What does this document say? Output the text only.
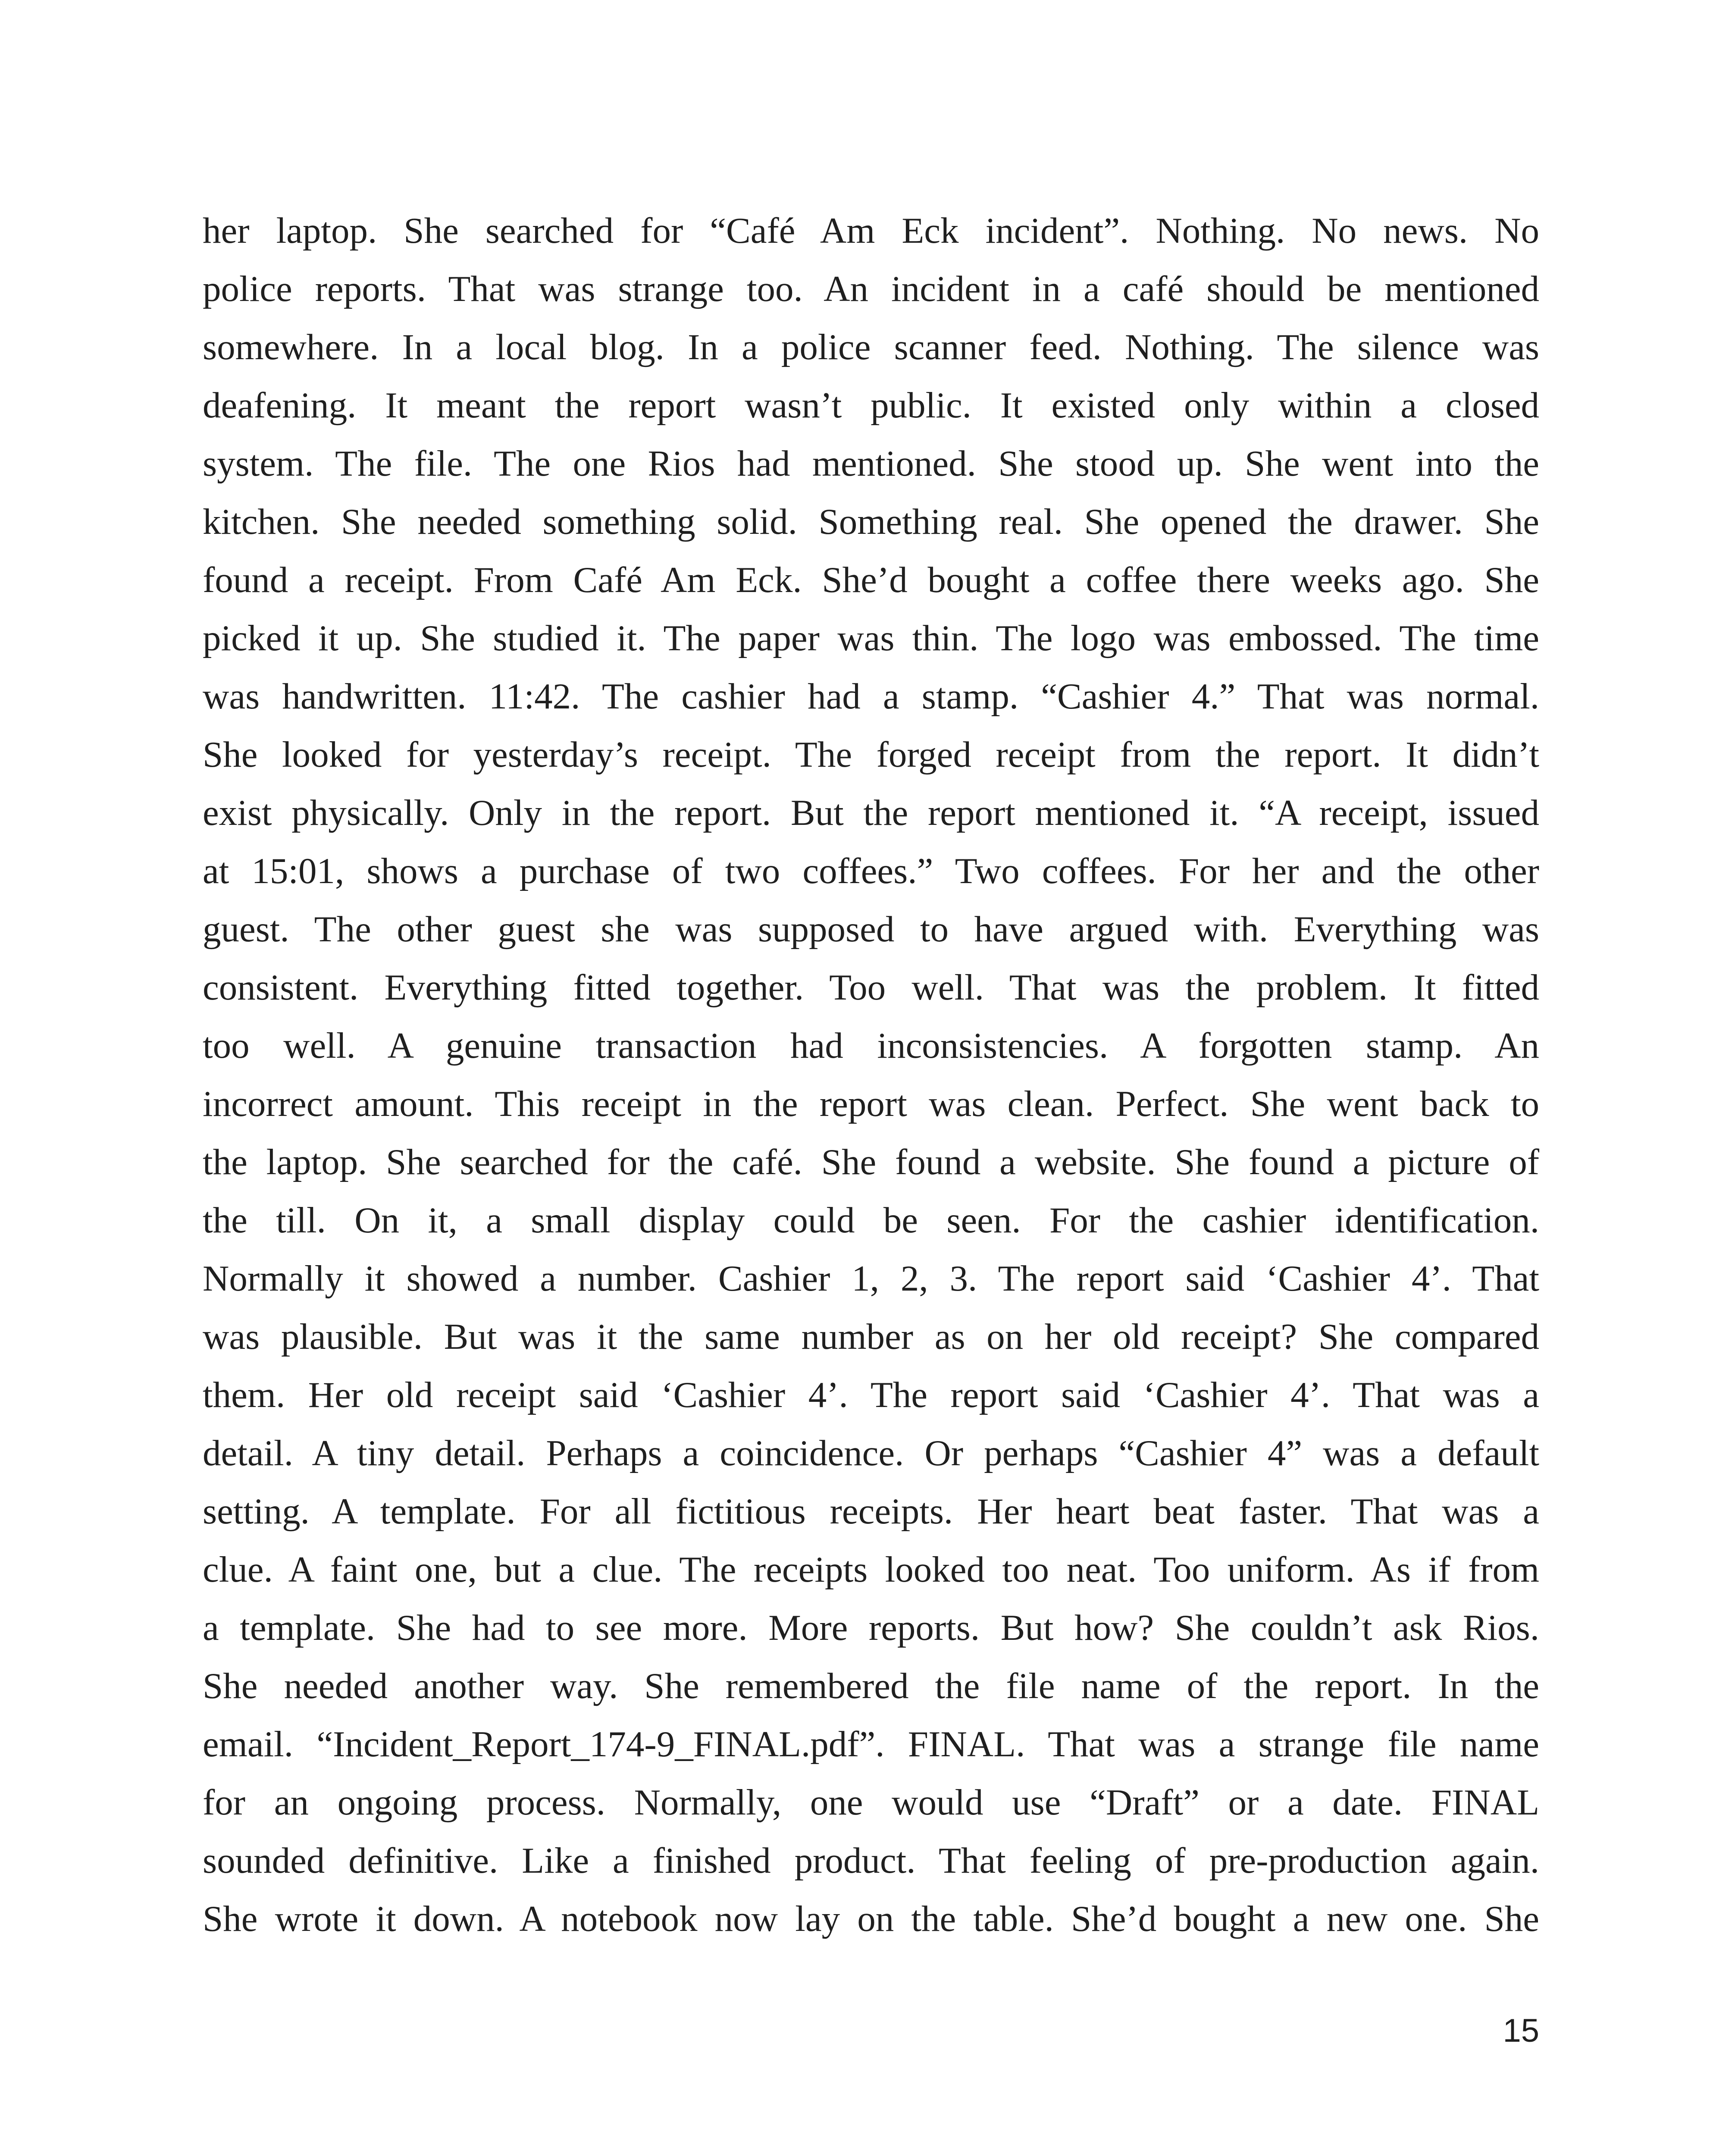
her laptop. She searched for “Café Am Eck incident”. Nothing. No news. No
police reports. That was strange too. An incident in a café should be mentioned
somewhere. In a local blog. In a police scanner feed. Nothing. The silence was
deafening. It meant the report wasn’t public. It existed only within a closed
system. The file. The one Rios had mentioned. She stood up. She went into the
kitchen. She needed something solid. Something real. She opened the drawer. She
found a receipt. From Café Am Eck. She’d bought a coffee there weeks ago. She
picked it up. She studied it. The paper was thin. The logo was embossed. The time
was handwritten. 11:42. The cashier had a stamp. “Cashier 4.” That was normal.
She looked for yesterday’s receipt. The forged receipt from the report. It didn’t
exist physically. Only in the report. But the report mentioned it. “A receipt, issued
at 15:01, shows a purchase of two coffees.” Two coffees. For her and the other
guest. The other guest she was supposed to have argued with. Everything was
consistent. Everything fitted together. Too well. That was the problem. It fitted
too well. A genuine transaction had inconsistencies. A forgotten stamp. An
incorrect amount. This receipt in the report was clean. Perfect. She went back to
the laptop. She searched for the café. She found a website. She found a picture of
the till. On it, a small display could be seen. For the cashier identification.
Normally it showed a number. Cashier 1, 2, 3. The report said ‘Cashier 4’. That
was plausible. But was it the same number as on her old receipt? She compared
them. Her old receipt said ‘Cashier 4’. The report said ‘Cashier 4’. That was a
detail. A tiny detail. Perhaps a coincidence. Or perhaps “Cashier 4” was a default
setting. A template. For all fictitious receipts. Her heart beat faster. That was a
clue. A faint one, but a clue. The receipts looked too neat. Too uniform. As if from
a template. She had to see more. More reports. But how? She couldn’t ask Rios.
She needed another way. She remembered the file name of the report. In the
email. “Incident_Report_174-9_FINAL.pdf”. FINAL. That was a strange file name
for an ongoing process. Normally, one would use “Draft” or a date. FINAL
sounded definitive. Like a finished product. That feeling of pre-production again.
She wrote it down. A notebook now lay on the table. She’d bought a new one. She
15
